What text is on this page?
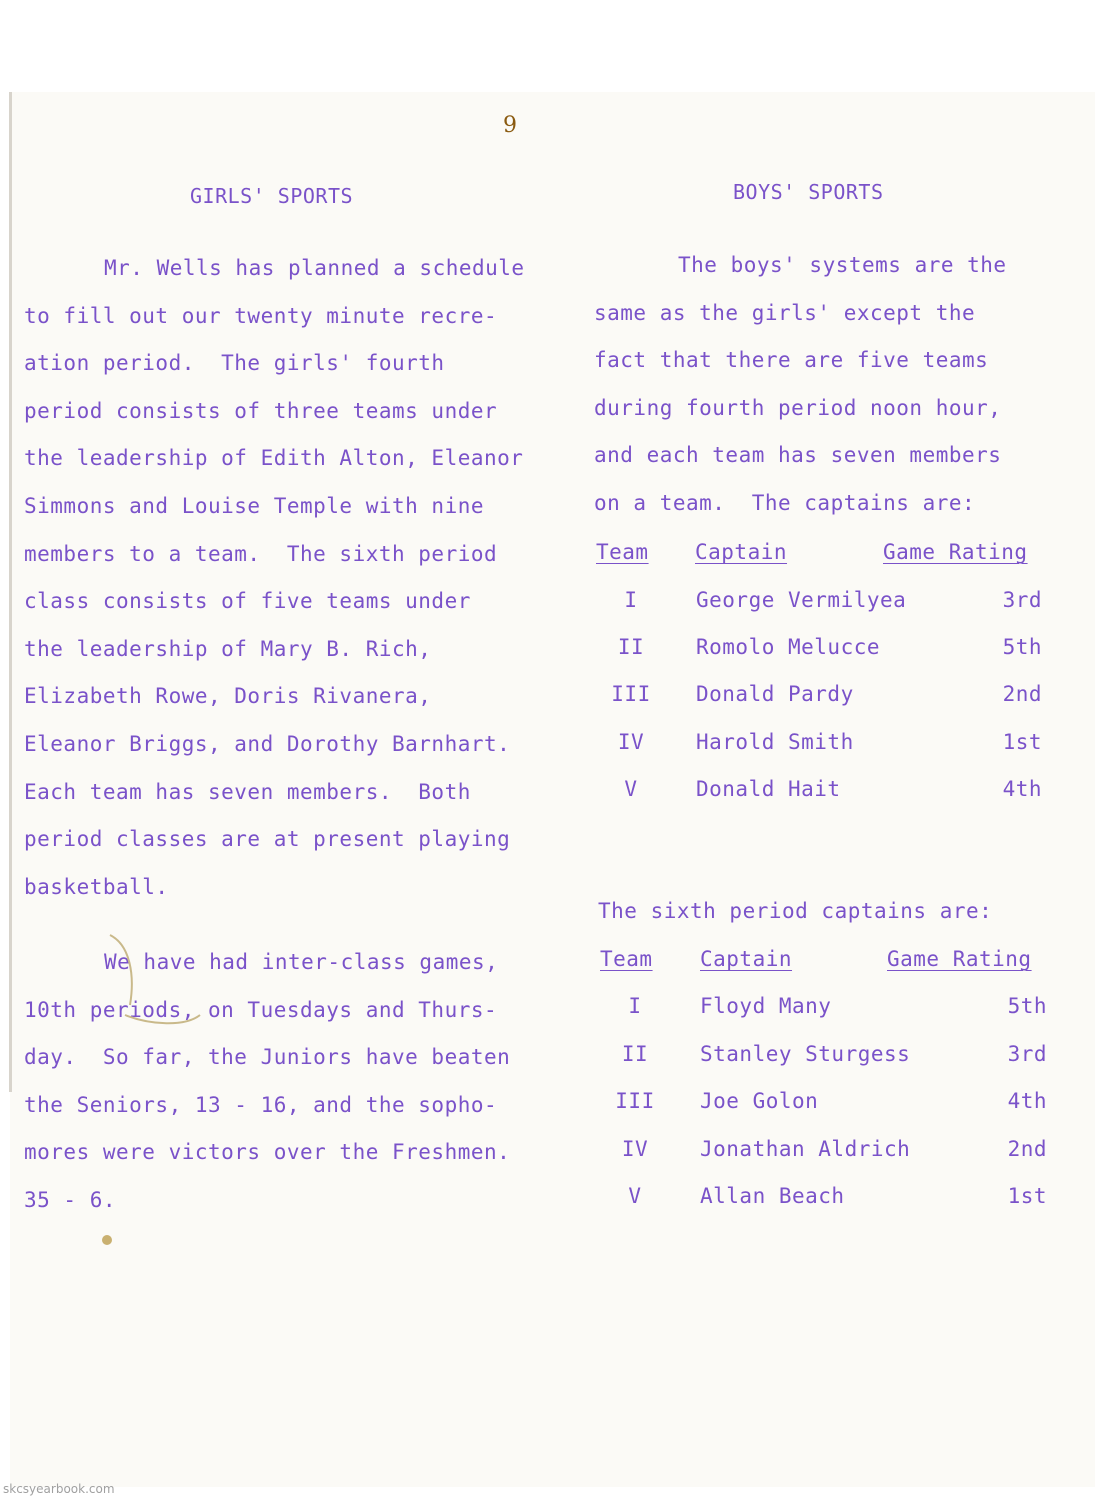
9
GIRLS' SPORTS
Mr. Wells has planned a schedule
to fill out our twenty minute recre-
ation period.  The girls' fourth
period consists of three teams under
the leadership of Edith Alton, Eleanor
Simmons and Louise Temple with nine
members to a team.  The sixth period
class consists of five teams under
the leadership of Mary B. Rich,
Elizabeth Rowe, Doris Rivanera,
Eleanor Briggs, and Dorothy Barnhart.
Each team has seven members.  Both
period classes are at present playing
basketball.
We have had inter-class games,
10th periods, on Tuesdays and Thurs-
day.  So far, the Juniors have beaten
the Seniors, 13 - 16, and the sopho-
mores were victors over the Freshmen.
35 - 6.
BOYS' SPORTS
The boys' systems are the
same as the girls' except the
fact that there are five teams
during fourth period noon hour,
and each team has seven members
on a team.  The captains are:
Team Captain	Game Rating
I	George Vermilyea	3rd
II	Romolo Melucce	5th
III	Donald Pardy	2nd
IV	Harold Smith	1st
V	Donald Hait	4th
The sixth period captains are:
Team Captain	Game Rating
I	Floyd Many	5th
II	Stanley Sturgess	3rd
III	Joe Golon	4th
IV	Jonathan Aldrich	2nd
V	Allan Beach	1st
skcsyearbook.com
